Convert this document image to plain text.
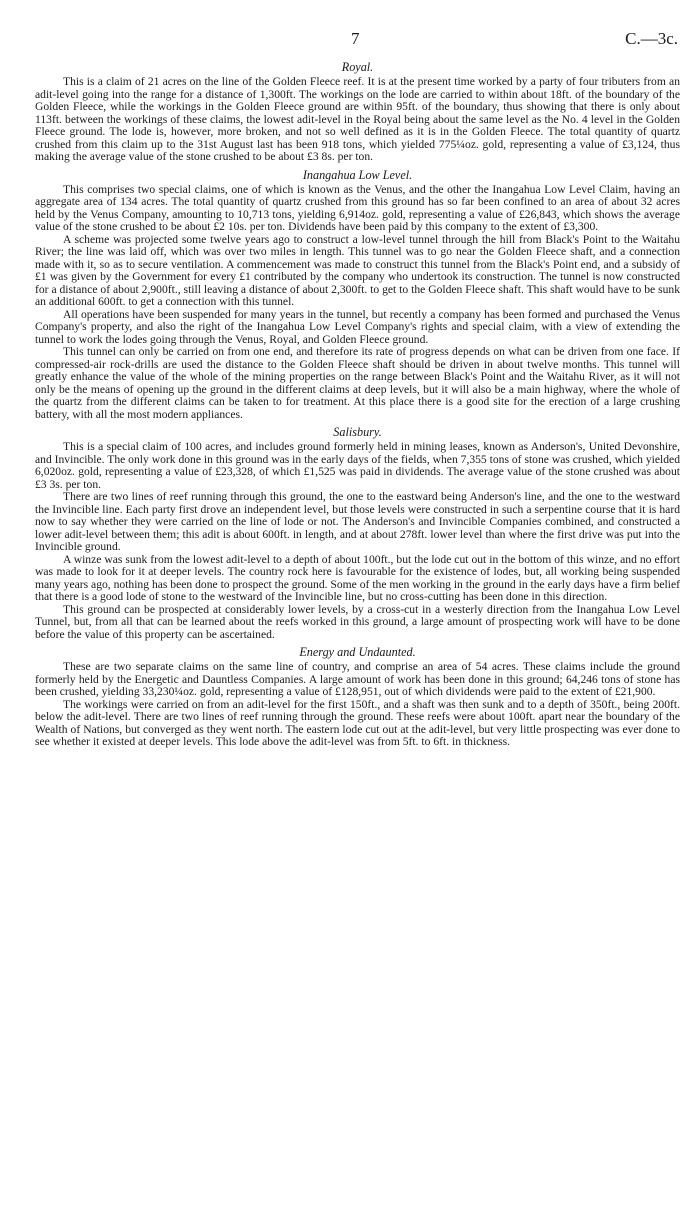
7	C.—3c.
Royal.

This is a claim of 21 acres on the line of the Golden Fleece reef. It is at the present time worked by a party of four tributers from an adit-level going into the range for a distance of 1,300ft. The workings on the lode are carried to within about 18ft. of the boundary of the Golden Fleece, while the workings in the Golden Fleece ground are within 95ft. of the boundary, thus showing that there is only about 113ft. between the workings of these claims, the lowest adit-level in the Royal being about the same level as the No. 4 level in the Golden Fleece ground. The lode is, however, more broken, and not so well defined as it is in the Golden Fleece. The total quantity of quartz crushed from this claim up to the 31st August last has been 918 tons, which yielded 775¼oz. gold, representing a value of £3,124, thus making the average value of the stone crushed to be about £3 8s. per ton.

Inangahua Low Level.

This comprises two special claims, one of which is known as the Venus, and the other the Inangahua Low Level Claim, having an aggregate area of 134 acres. The total quantity of quartz crushed from this ground has so far been confined to an area of about 32 acres held by the Venus Company, amounting to 10,713 tons, yielding 6,914oz. gold, representing a value of £26,843, which shows the average value of the stone crushed to be about £2 10s. per ton. Dividends have been paid by this company to the extent of £3,300.

A scheme was projected some twelve years ago to construct a low-level tunnel through the hill from Black's Point to the Waitahu River; the line was laid off, which was over two miles in length. This tunnel was to go near the Golden Fleece shaft, and a connection made with it, so as to secure ventilation. A commencement was made to construct this tunnel from the Black's Point end, and a subsidy of £1 was given by the Government for every £1 contributed by the company who undertook its construction. The tunnel is now constructed for a distance of about 2,900ft., still leaving a distance of about 2,300ft. to get to the Golden Fleece shaft. This shaft would have to be sunk an additional 600ft. to get a connection with this tunnel.

All operations have been suspended for many years in the tunnel, but recently a company has been formed and purchased the Venus Company's property, and also the right of the Inangahua Low Level Company's rights and special claim, with a view of extending the tunnel to work the lodes going through the Venus, Royal, and Golden Fleece ground.

This tunnel can only be carried on from one end, and therefore its rate of progress depends on what can be driven from one face. If compressed-air rock-drills are used the distance to the Golden Fleece shaft should be driven in about twelve months. This tunnel will greatly enhance the value of the whole of the mining properties on the range between Black's Point and the Waitahu River, as it will not only be the means of opening up the ground in the different claims at deep levels, but it will also be a main highway, where the whole of the quartz from the different claims can be taken to for treatment. At this place there is a good site for the erection of a large crushing battery, with all the most modern appliances.

Salisbury.

This is a special claim of 100 acres, and includes ground formerly held in mining leases, known as Anderson's, United Devonshire, and Invincible. The only work done in this ground was in the early days of the fields, when 7,355 tons of stone was crushed, which yielded 6,020oz. gold, representing a value of £23,328, of which £1,525 was paid in dividends. The average value of the stone crushed was about £3 3s. per ton.

There are two lines of reef running through this ground, the one to the eastward being Anderson's line, and the one to the westward the Invincible line. Each party first drove an independent level, but those levels were constructed in such a serpentine course that it is hard now to say whether they were carried on the line of lode or not. The Anderson's and Invincible Companies combined, and constructed a lower adit-level between them; this adit is about 600ft. in length, and at about 278ft. lower level than where the first drive was put into the Invincible ground.

A winze was sunk from the lowest adit-level to a depth of about 100ft., but the lode cut out in the bottom of this winze, and no effort was made to look for it at deeper levels. The country rock here is favourable for the existence of lodes, but, all working being suspended many years ago, nothing has been done to prospect the ground. Some of the men working in the ground in the early days have a firm belief that there is a good lode of stone to the westward of the Invincible line, but no cross-cutting has been done in this direction.

This ground can be prospected at considerably lower levels, by a cross-cut in a westerly direction from the Inangahua Low Level Tunnel, but, from all that can be learned about the reefs worked in this ground, a large amount of prospecting work will have to be done before the value of this property can be ascertained.

Energy and Undaunted.

These are two separate claims on the same line of country, and comprise an area of 54 acres. These claims include the ground formerly held by the Energetic and Dauntless Companies. A large amount of work has been done in this ground; 64,246 tons of stone has been crushed, yielding 33,230¼oz. gold, representing a value of £128,951, out of which dividends were paid to the extent of £21,900.

The workings were carried on from an adit-level for the first 150ft., and a shaft was then sunk and to a depth of 350ft., being 200ft. below the adit-level. There are two lines of reef running through the ground. These reefs were about 100ft. apart near the boundary of the Wealth of Nations, but converged as they went north. The eastern lode cut out at the adit-level, but very little prospecting was ever done to see whether it existed at deeper levels. This lode above the adit-level was from 5ft. to 6ft. in thickness.
